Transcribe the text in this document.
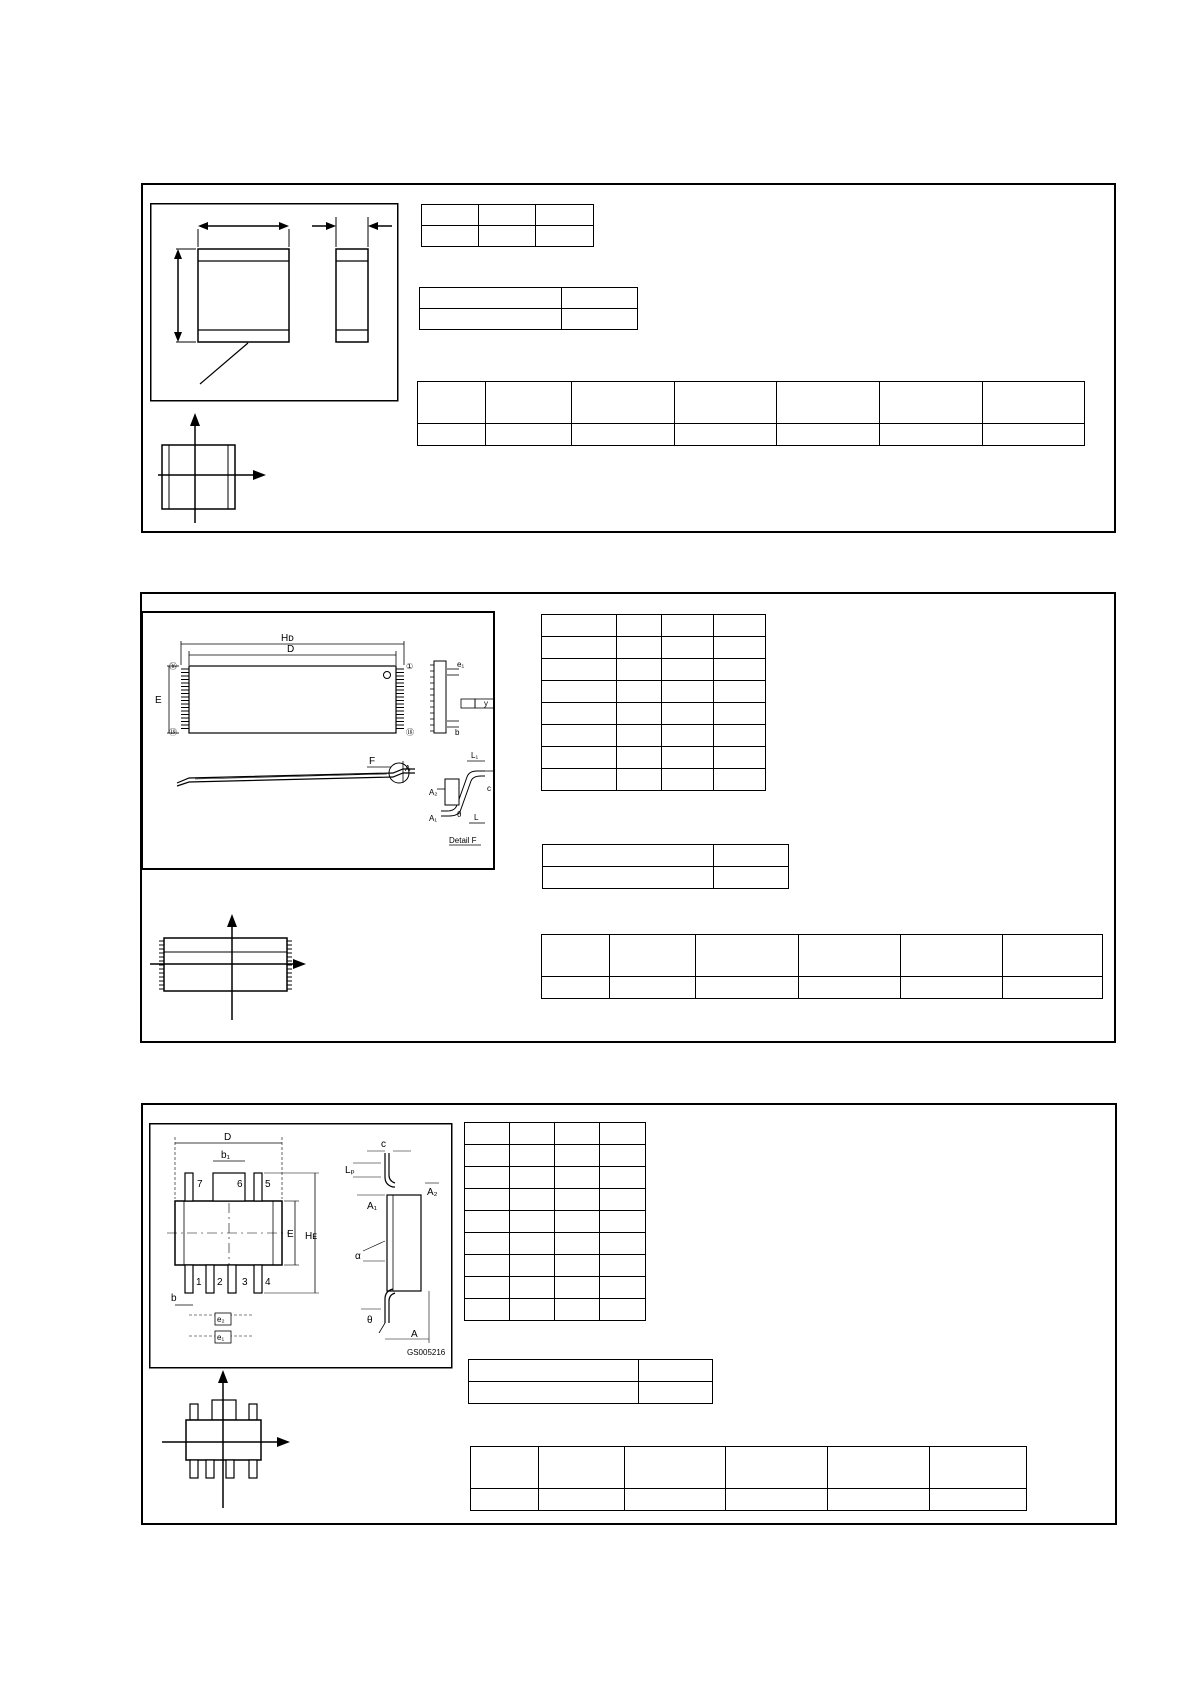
Hᴅ
D
E
㊱
⑲
①
⑱
F
A
e₁
y
b
A₂
A₁
L₁
L
c
θ
Detail F

7	6 5
1 2 3 4
D
b₁
E Hᴇ
b
e₂
e₁
c
Lₚ
A₁
A₂
α
θ
A
GS005216
